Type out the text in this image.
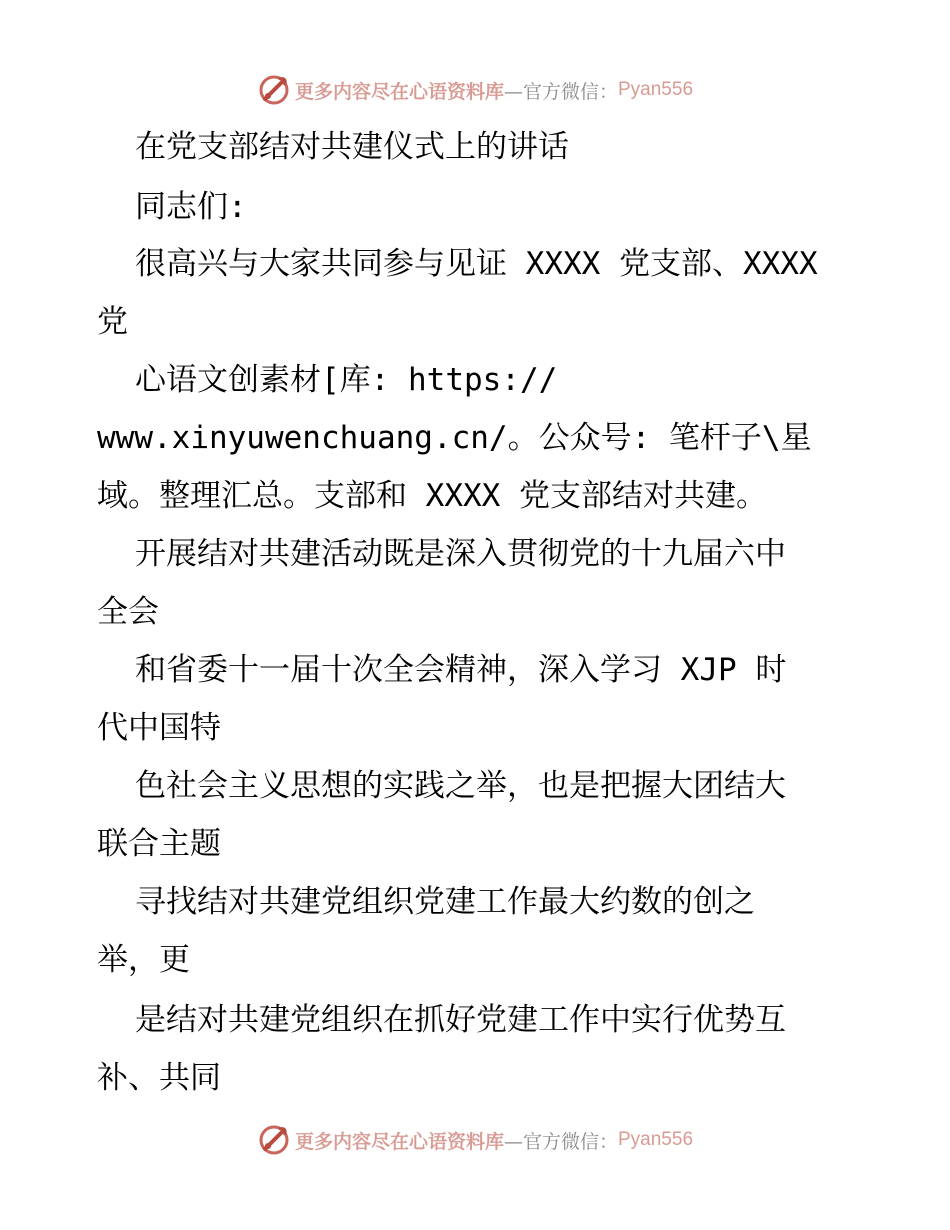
更多内容尽在心语资料库 —官方微信： Pyan556
在党支部结对共建仪式上的讲话
同志们:
很高兴与大家共同参与见证 XXXX 党支部、XXXX
党
心语文创素材[库: https://
www.xinyuwenchuang.cn/。公众号: 笔杆子\星
域。整理汇总。支部和 XXXX 党支部结对共建。
开展结对共建活动既是深入贯彻党的十九届六中
全会
和省委十一届十次全会精神，深入学习 XJP 时
代中国特
色社会主义思想的实践之举，也是把握大团结大
联合主题
寻找结对共建党组织党建工作最大约数的创之
举，更
是结对共建党组织在抓好党建工作中实行优势互
补、共同
更多内容尽在心语资料库 —官方微信： Pyan556
